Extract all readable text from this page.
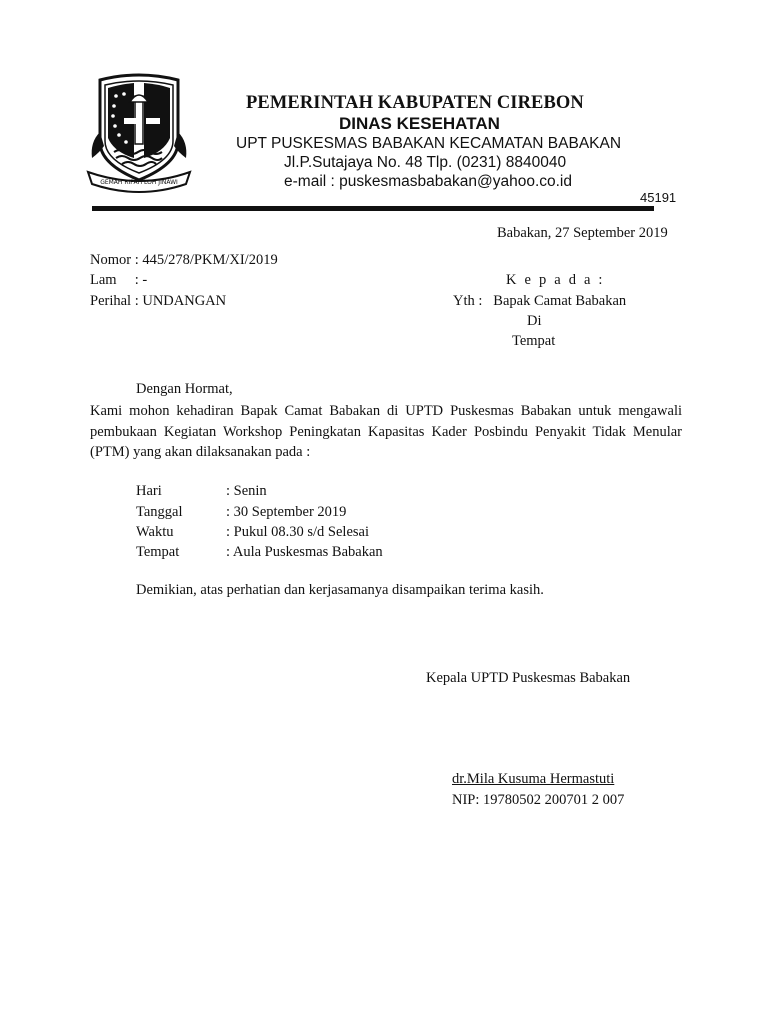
GEMAH RIPAH LOH JINAWI
PEMERINTAH KABUPATEN CIREBON
DINAS KESEHATAN
UPT PUSKESMAS BABAKAN KECAMATAN BABAKAN
Jl.P.Sutajaya No. 48 Tlp. (0231) 8840040
e-mail : puskesmasbabakan@yahoo.co.id
45191
Babakan, 27 September 2019
Nomor : 445/278/PKM/XI/2019
Lam     : -
Perihal : UNDANGAN
K e p a d a :
Yth :   Bapak Camat Babakan
Di
Tempat
Dengan Hormat,
Kami mohon kehadiran Bapak Camat Babakan di UPTD Puskesmas Babakan untuk mengawali
pembukaan Kegiatan Workshop Peningkatan Kapasitas Kader Posbindu Penyakit Tidak Menular
(PTM) yang akan dilaksanakan pada :
Hari	: Senin
Tanggal	: 30 September 2019
Waktu	: Pukul 08.30 s/d Selesai
Tempat	: Aula Puskesmas Babakan
Demikian, atas perhatian dan kerjasamanya disampaikan terima kasih.
Kepala UPTD Puskesmas Babakan
dr.Mila Kusuma Hermastuti
NIP: 19780502 200701 2 007
